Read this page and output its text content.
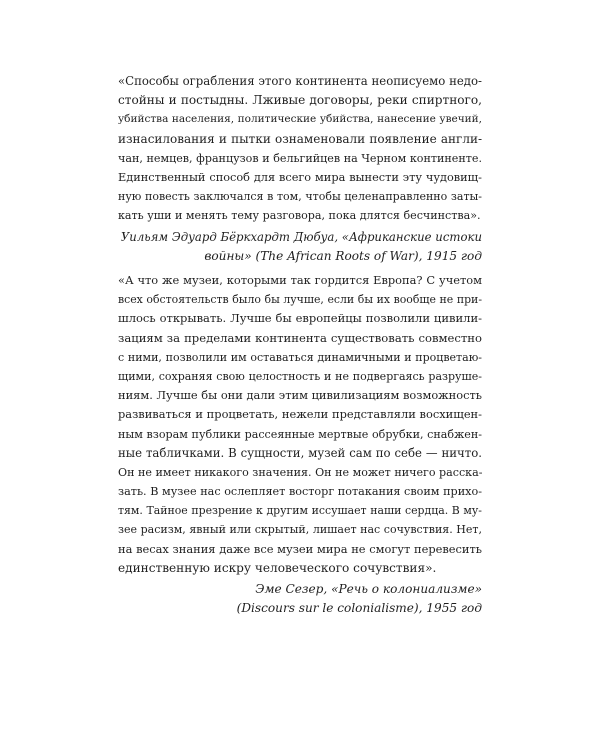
«Способы ограбления этого континента неописуемо недо-
стойны и постыдны. Лживые договоры, реки спиртного,
убийства населения, политические убийства, нанесение увечий,
изнасилования и пытки ознаменовали появление англи-
чан, немцев, французов и бельгийцев на Черном континенте.
Единственный способ для всего мира вынести эту чудовищ-
ную повесть заключался в том, чтобы целенаправленно заты-
кать уши и менять тему разговора, пока длятся бесчинства».
Уильям Эдуард Бёркхардт Дюбуа, «Африканские истоки
войны» (The African Roots of War), 1915 год
«А что же музеи, которыми так гордится Европа? С учетом
всех обстоятельств было бы лучше, если бы их вообще не при-
шлось открывать. Лучше бы европейцы позволили цивили-
зациям за пределами континента существовать совместно
с ними, позволили им оставаться динамичными и процветаю-
щими, сохраняя свою целостность и не подвергаясь разруше-
ниям. Лучше бы они дали этим цивилизациям возможность
развиваться и процветать, нежели представляли восхищен-
ным взорам публики рассеянные мертвые обрубки, снабжен-
ные табличками. В сущности, музей сам по себе — ничто.
Он не имеет никакого значения. Он не может ничего расска-
зать. В музее нас ослепляет восторг потакания своим прихо-
тям. Тайное презрение к другим иссушает наши сердца. В му-
зее расизм, явный или скрытый, лишает нас сочувствия. Нет,
на весах знания даже все музеи мира не смогут перевесить
единственную искру человеческого сочувствия».
Эме Сезер, «Речь о колониализме»
(Discours sur le colonialisme), 1955 год
